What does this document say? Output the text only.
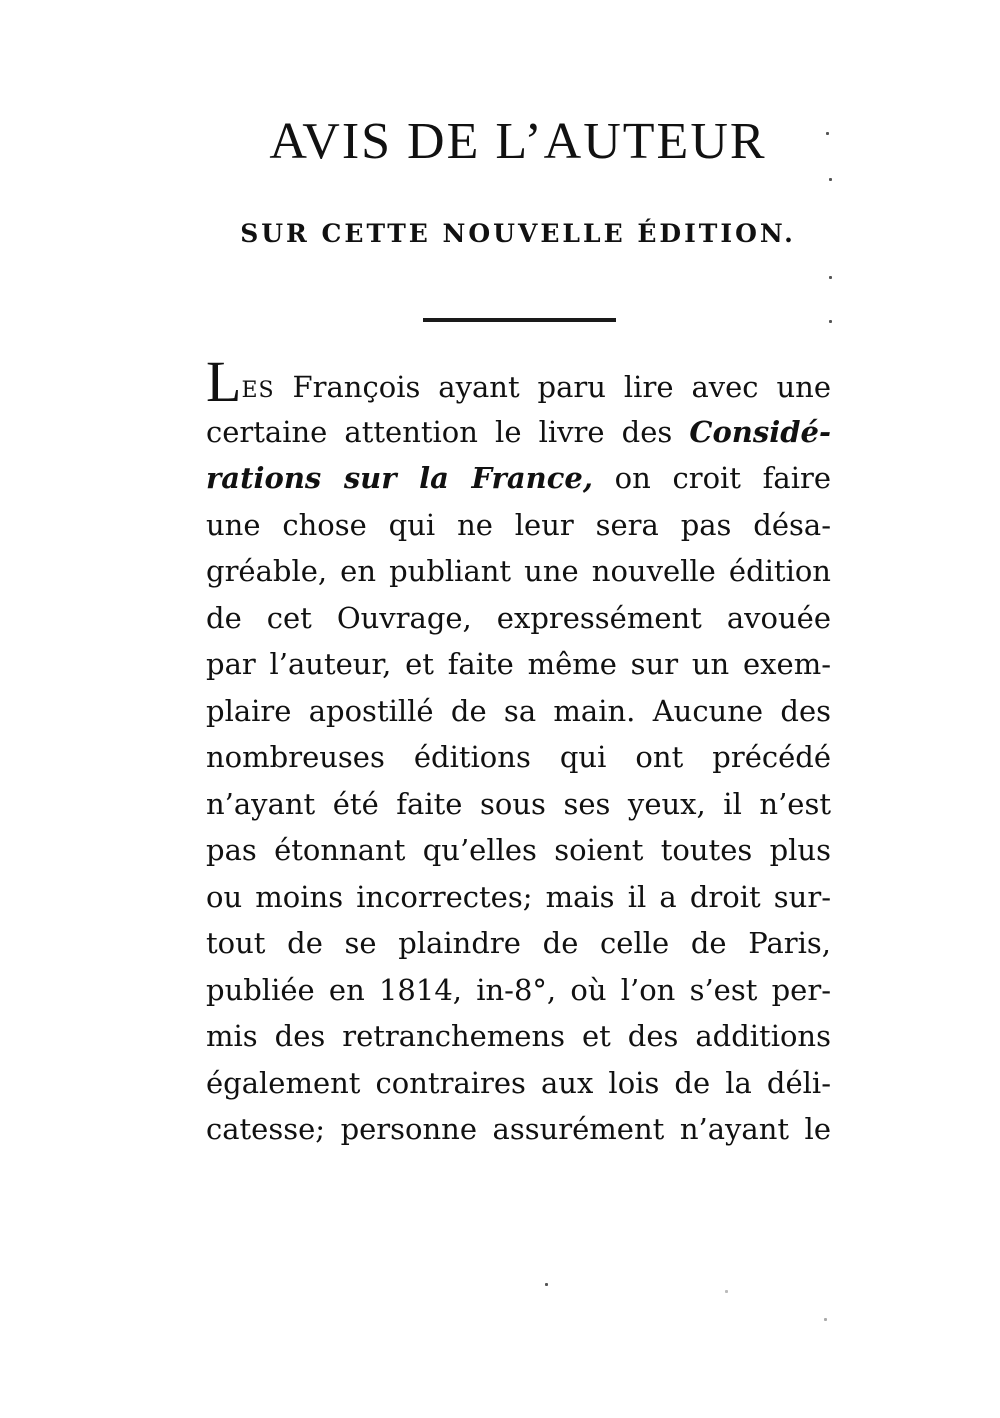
AVIS DE L’AUTEUR
SUR CETTE NOUVELLE ÉDITION.
LES François ayant paru lire avec une
certaine attention le livre des Considé-
rations sur la France, on croit faire
une chose qui ne leur sera pas désa-
gréable, en publiant une nouvelle édition
de cet Ouvrage, expressément avouée
par l’auteur, et faite même sur un exem-
plaire apostillé de sa main. Aucune des
nombreuses éditions qui ont précédé
n’ayant été faite sous ses yeux, il n’est
pas étonnant qu’elles soient toutes plus
ou moins incorrectes; mais il a droit sur-
tout de se plaindre de celle de Paris,
publiée en 1814, in-8°, où l’on s’est per-
mis des retranchemens et des additions
également contraires aux lois de la déli-
catesse; personne assurément n’ayant le
